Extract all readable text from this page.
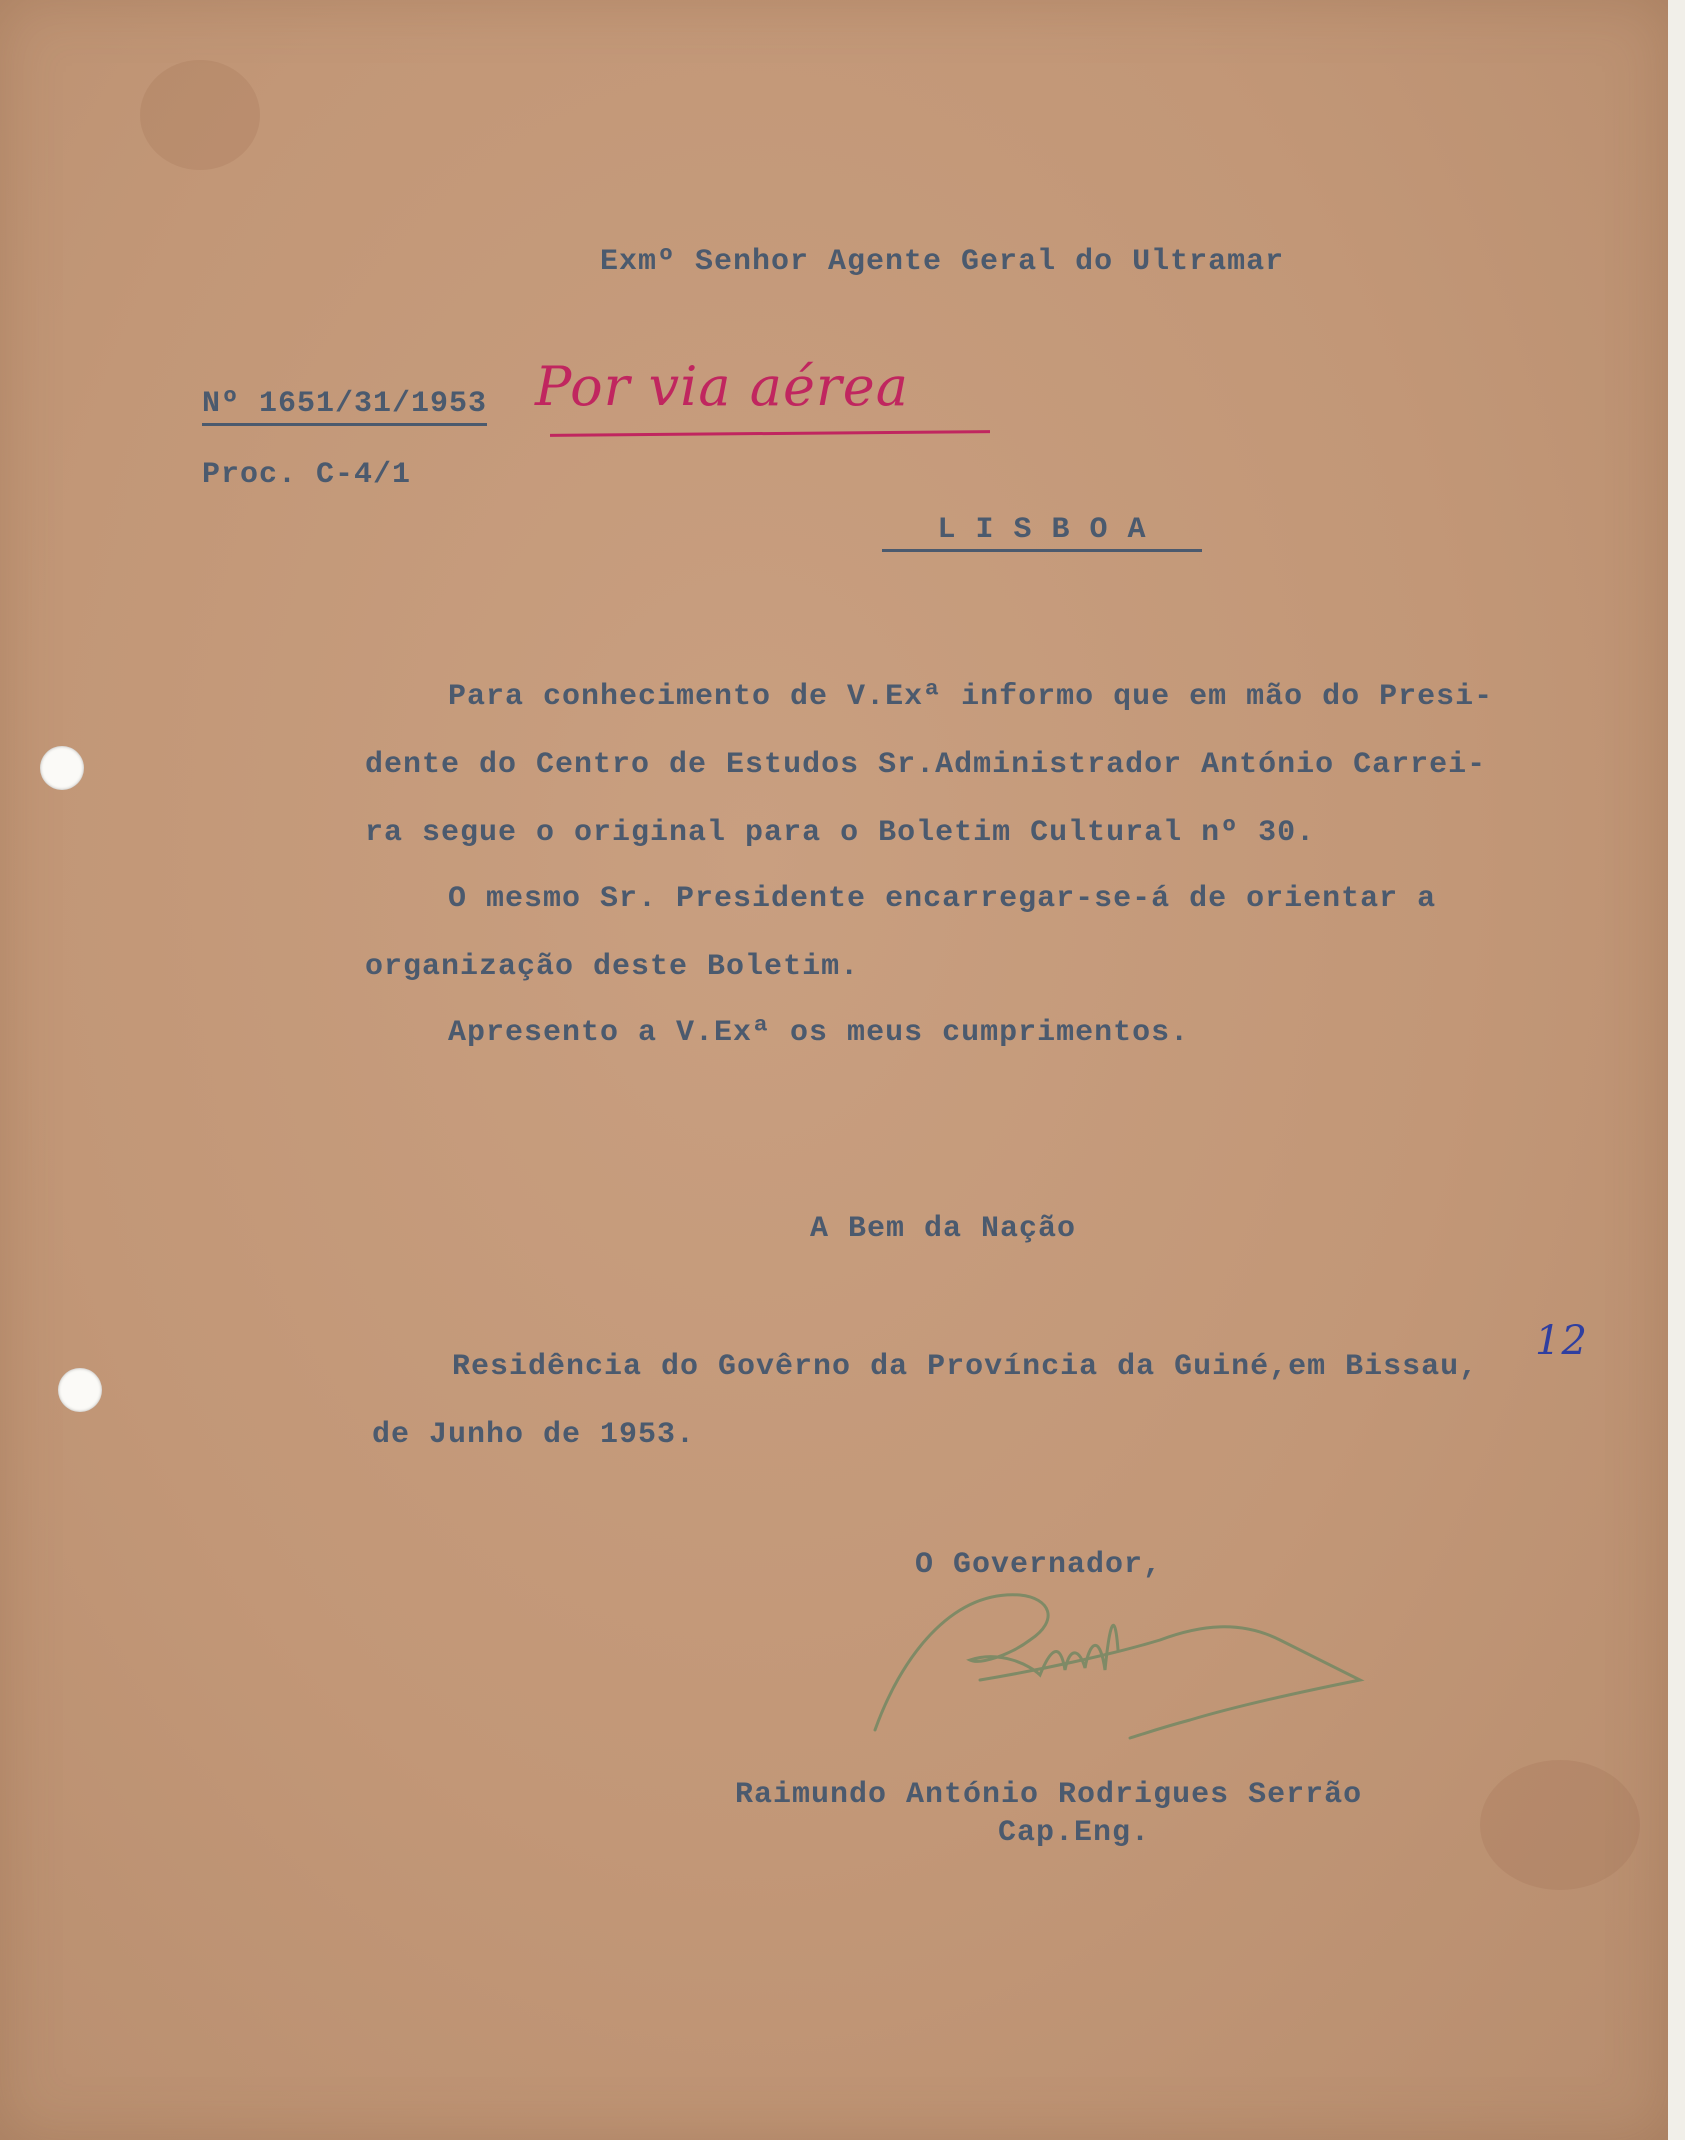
Exmº Senhor Agente Geral do Ultramar
Nº 1651/31/1953 Por via aérea
Proc. C-4/1
L I S B O A
Para conhecimento de V.Exª informo que em mão do Presi-
dente do Centro de Estudos Sr.Administrador António Carrei-
ra segue o original para o Boletim Cultural nº 30.
O mesmo Sr. Presidente encarregar-se-á de orientar a
organização deste Boletim.
Apresento a V.Exª os meus cumprimentos.
A Bem da Nação
Residência do Govêrno da Província da Guiné,em Bissau,
12
de Junho de 1953.
O Governador,
Raimundo António Rodrigues Serrão
Cap.Eng.
